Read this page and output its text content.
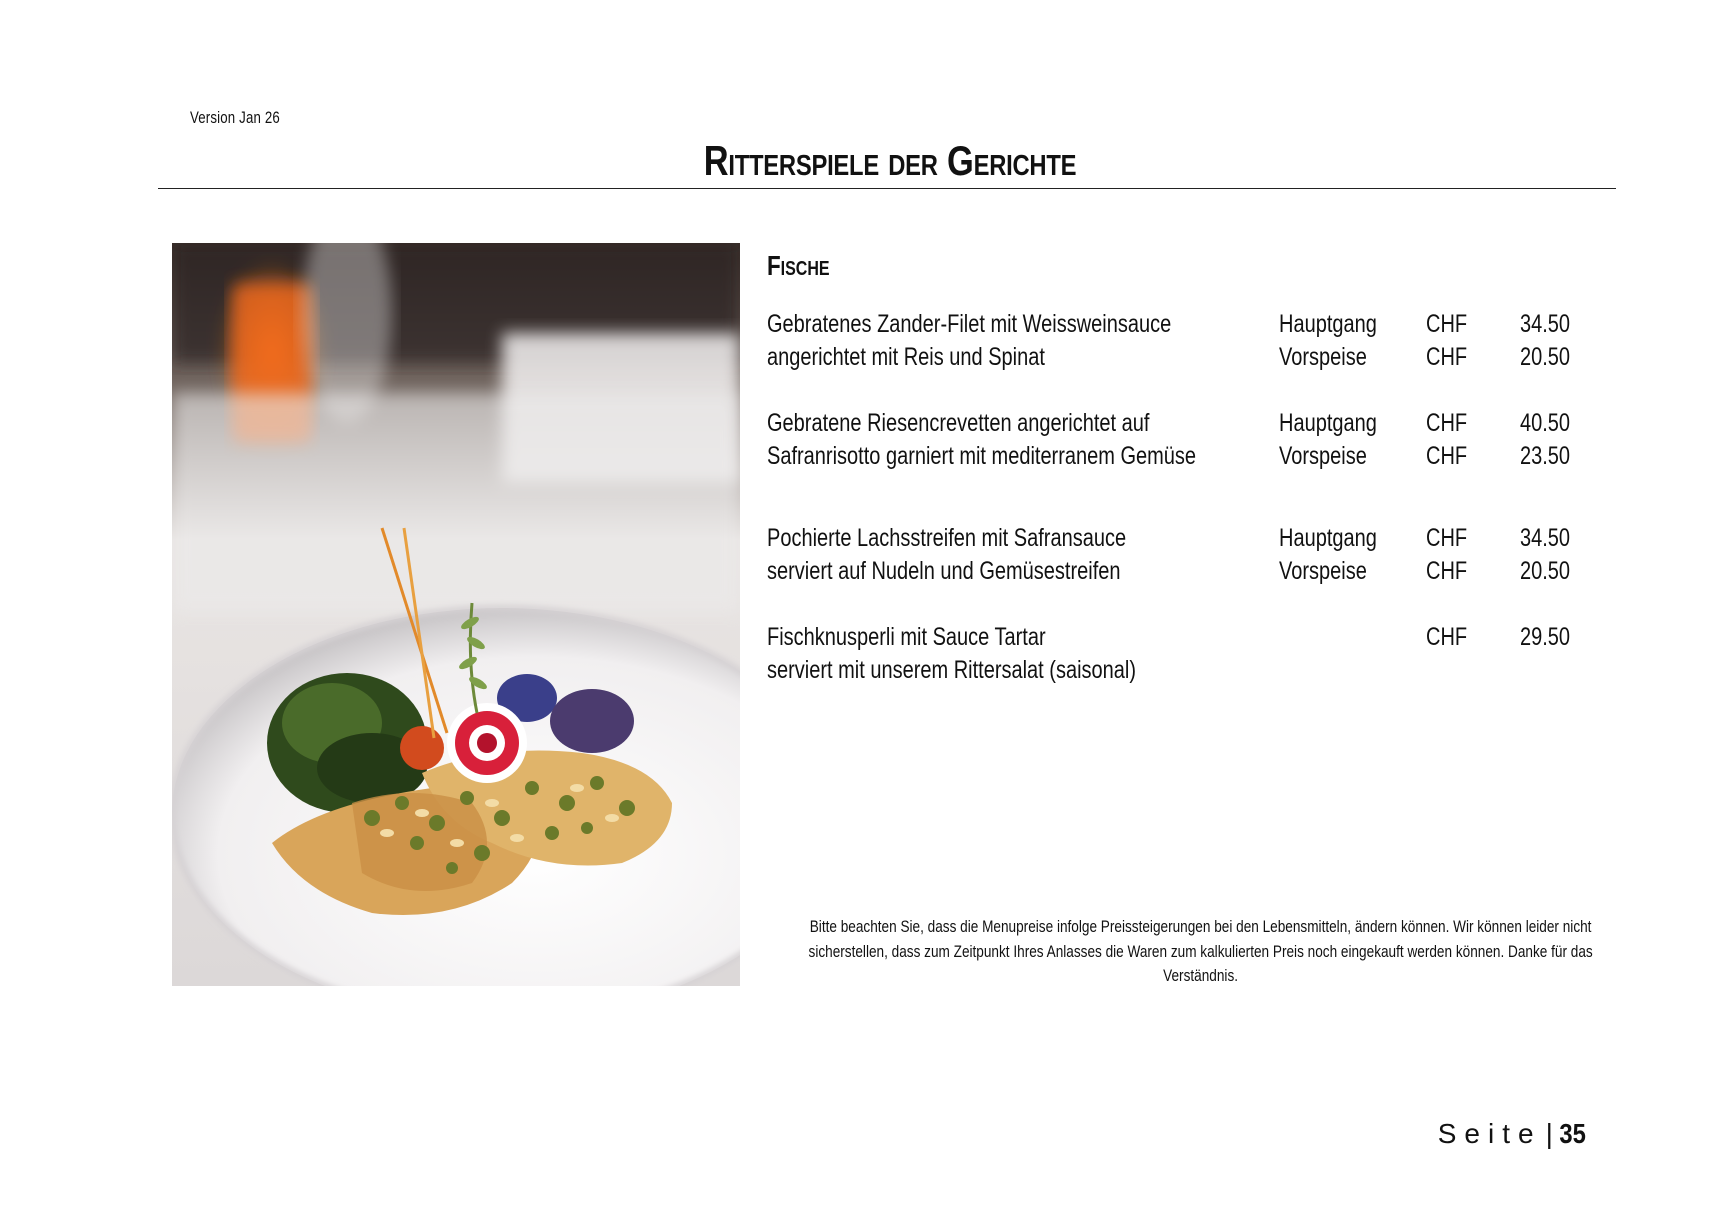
Version Jan 26
Ritterspiele der Gerichte
Fische
Gebratenes Zander-Filet mit Weissweinsauce	Hauptgang CHF 34.50
angerichtet mit Reis und Spinat	Vorspeise CHF 20.50
Gebratene Riesencrevetten angerichtet auf	Hauptgang CHF 40.50
Safranrisotto garniert mit mediterranem Gemüse	Vorspeise CHF 23.50
Pochierte Lachsstreifen mit Safransauce	Hauptgang CHF 34.50
serviert auf Nudeln und Gemüsestreifen	Vorspeise CHF 20.50
Fischknusperli mit Sauce Tartar	CHF 29.50
serviert mit unserem Rittersalat (saisonal)
Bitte beachten Sie, dass die Menupreise infolge Preissteigerungen bei den Lebensmitteln, ändern können. Wir können leider nicht sicherstellen, dass zum Zeitpunkt Ihres Anlasses die Waren zum kalkulierten Preis noch eingekauft werden können. Danke für das Verständnis.
Seite | 35
